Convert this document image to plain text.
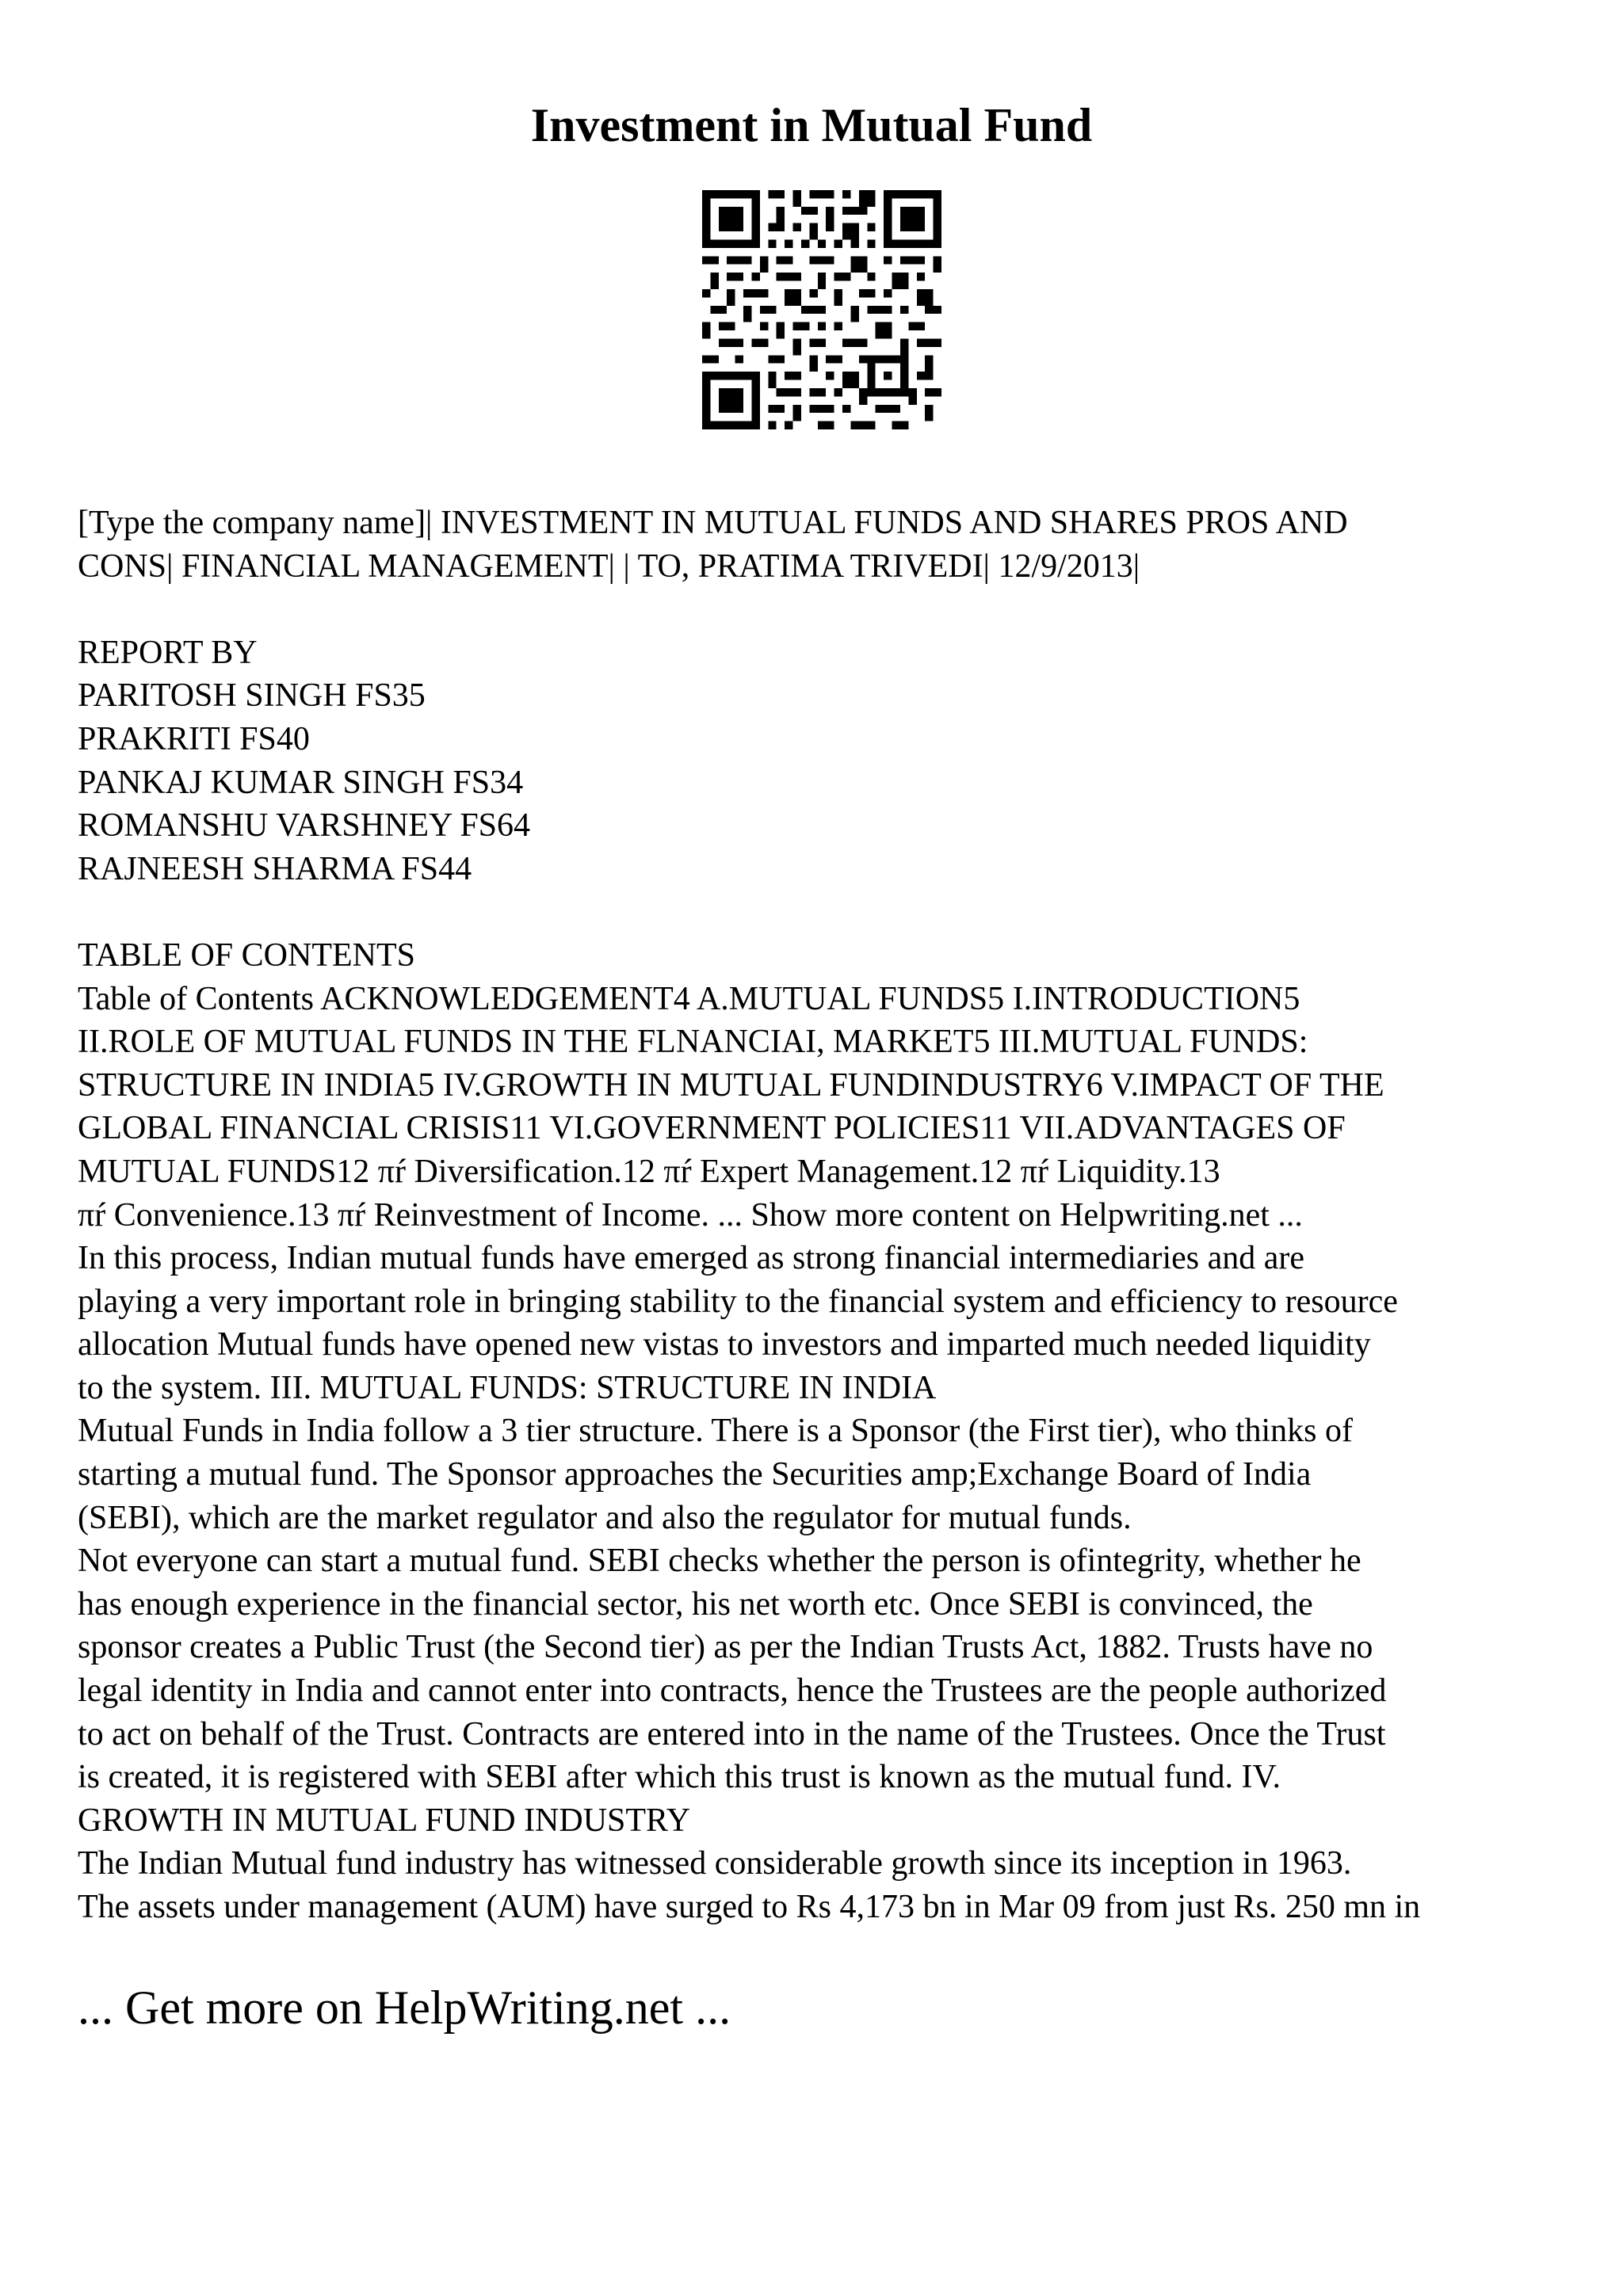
Investment in Mutual Fund
[Type the company name]| INVESTMENT IN MUTUAL FUNDS AND SHARES PROS AND
CONS| FINANCIAL MANAGEMENT| | TO, PRATIMA TRIVEDI| 12/9/2013|
REPORT BY
PARITOSH SINGH FS35
PRAKRITI FS40
PANKAJ KUMAR SINGH FS34
ROMANSHU VARSHNEY FS64
RAJNEESH SHARMA FS44
TABLE OF CONTENTS
Table of Contents ACKNOWLEDGEMENT4 A.MUTUAL FUNDS5 I.INTRODUCTION5
II.ROLE OF MUTUAL FUNDS IN THE FLNANCIAI, MARKET5 III.MUTUAL FUNDS:
STRUCTURE IN INDIA5 IV.GROWTH IN MUTUAL FUNDINDUSTRY6 V.IMPACT OF THE
GLOBAL FINANCIAL CRISIS11 VI.GOVERNMENT POLICIES11 VII.ADVANTAGES OF
MUTUAL FUNDS12 πŕ Diversification.12 πŕ Expert Management.12 πŕ Liquidity.13
πŕ Convenience.13 πŕ Reinvestment of Income. ... Show more content on Helpwriting.net ...
In this process, Indian mutual funds have emerged as strong financial intermediaries and are
playing a very important role in bringing stability to the financial system and efficiency to resource
allocation Mutual funds have opened new vistas to investors and imparted much needed liquidity
to the system. III. MUTUAL FUNDS: STRUCTURE IN INDIA
Mutual Funds in India follow a 3 tier structure. There is a Sponsor (the First tier), who thinks of
starting a mutual fund. The Sponsor approaches the Securities amp;Exchange Board of India
(SEBI), which are the market regulator and also the regulator for mutual funds.
Not everyone can start a mutual fund. SEBI checks whether the person is ofintegrity, whether he
has enough experience in the financial sector, his net worth etc. Once SEBI is convinced, the
sponsor creates a Public Trust (the Second tier) as per the Indian Trusts Act, 1882. Trusts have no
legal identity in India and cannot enter into contracts, hence the Trustees are the people authorized
to act on behalf of the Trust. Contracts are entered into in the name of the Trustees. Once the Trust
is created, it is registered with SEBI after which this trust is known as the mutual fund. IV.
GROWTH IN MUTUAL FUND INDUSTRY
The Indian Mutual fund industry has witnessed considerable growth since its inception in 1963.
The assets under management (AUM) have surged to Rs 4,173 bn in Mar 09 from just Rs. 250 mn in
... Get more on HelpWriting.net ...
